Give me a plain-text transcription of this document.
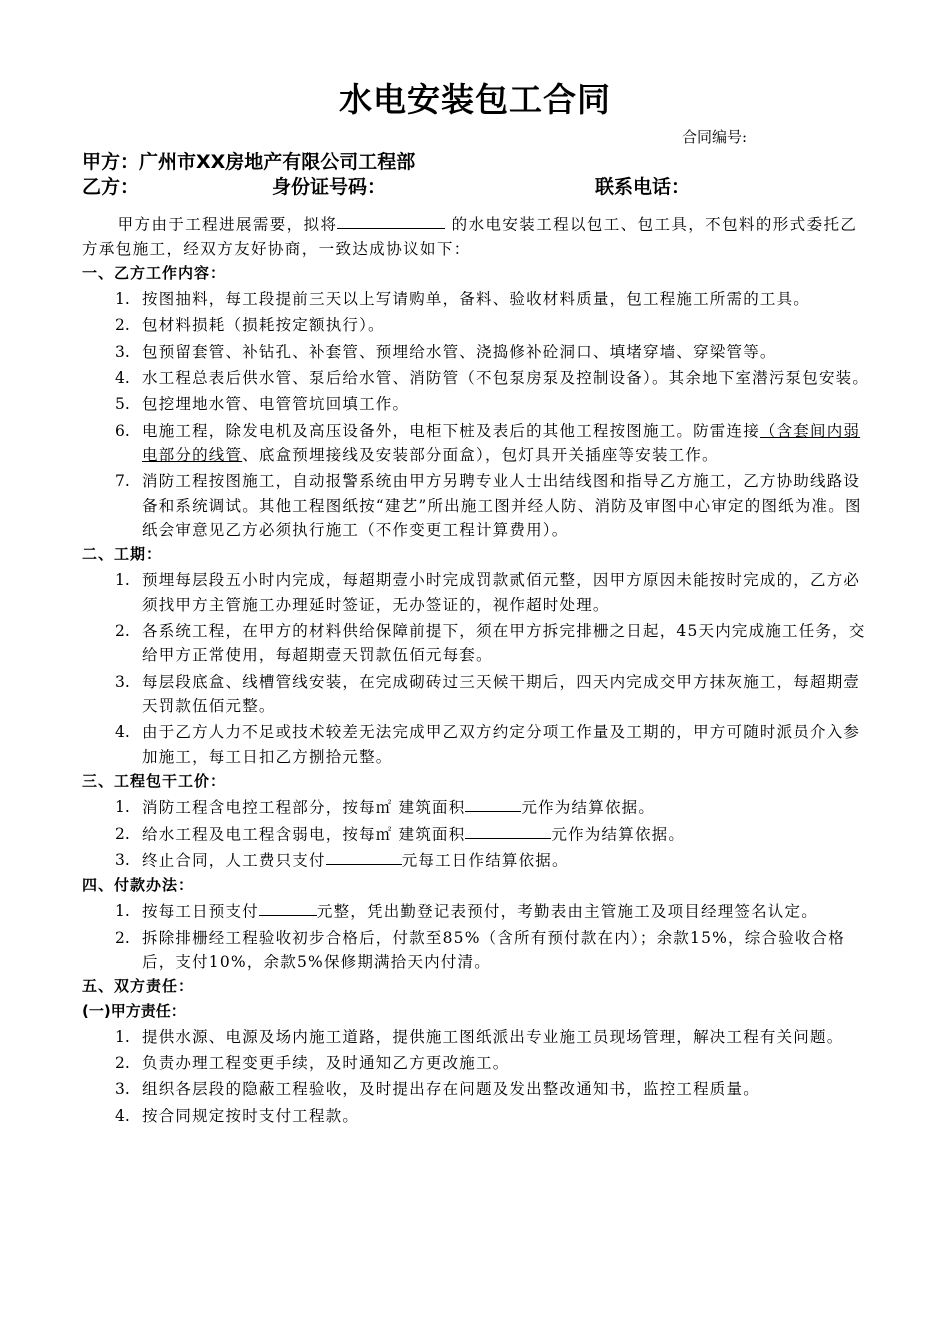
水电安装包工合同
合同编号:
甲方：广州市XX房地产有限公司工程部
乙方：	身份证号码：	联系电话：

甲方由于工程进展需要，拟将	的水电安装工程以包工、包工具，不包料的形式委托乙方承包施工，经双方友好协商，一致达成协议如下：

一、乙方工作内容：

1. 按图抽料，每工段提前三天以上写请购单，备料、验收材料质量，包工程施工所需的工具。
2. 包材料损耗（损耗按定额执行）。
3. 包预留套管、补钻孔、补套管、预埋给水管、浇捣修补砼洞口、填堵穿墙、穿梁管等。
4. 水工程总表后供水管、泵后给水管、消防管（不包泵房泵及控制设备）。其余地下室潜污泵包安装。
5. 包挖埋地水管、电管管坑回填工作。
6. 电施工程，除发电机及高压设备外，电柜下桩及表后的其他工程按图施工。防雷连接（含套间内弱电部分的线管、底盒预埋接线及安装部分面盒），包灯具开关插座等安装工作。
7. 消防工程按图施工，自动报警系统由甲方另聘专业人士出结线图和指导乙方施工，乙方协助线路设备和系统调试。其他工程图纸按“建艺”所出施工图并经人防、消防及审图中心审定的图纸为准。图纸会审意见乙方必须执行施工（不作变更工程计算费用）。

二、工期：

1. 预埋每层段五小时内完成，每超期壹小时完成罚款贰佰元整，因甲方原因未能按时完成的，乙方必须找甲方主管施工办理延时签证，无办签证的，视作超时处理。
2. 各系统工程，在甲方的材料供给保障前提下，须在甲方拆完排栅之日起，45天内完成施工任务，交给甲方正常使用，每超期壹天罚款伍佰元每套。
3. 每层段底盒、线槽管线安装，在完成砌砖过三天候干期后，四天内完成交甲方抹灰施工，每超期壹天罚款伍佰元整。
4. 由于乙方人力不足或技术较差无法完成甲乙双方约定分项工作量及工期的，甲方可随时派员介入参加施工，每工日扣乙方捌拾元整。

三、工程包干工价：

1. 消防工程含电控工程部分，按每㎡ 建筑面积	元作为结算依据。
2. 给水工程及电工程含弱电，按每㎡ 建筑面积	元作为结算依据。
3. 终止合同，人工费只支付	元每工日作结算依据。

四、付款办法：

1. 按每工日预支付	元整，凭出勤登记表预付，考勤表由主管施工及项目经理签名认定。
2. 拆除排栅经工程验收初步合格后，付款至85%（含所有预付款在内）；余款15%，综合验收合格后，支付10%，余款5%保修期满拾天内付清。

五、双方责任：

(一)甲方责任：

1. 提供水源、电源及场内施工道路，提供施工图纸派出专业施工员现场管理，解决工程有关问题。
2. 负责办理工程变更手续，及时通知乙方更改施工。
3. 组织各层段的隐蔽工程验收，及时提出存在问题及发出整改通知书，监控工程质量。
4. 按合同规定按时支付工程款。
